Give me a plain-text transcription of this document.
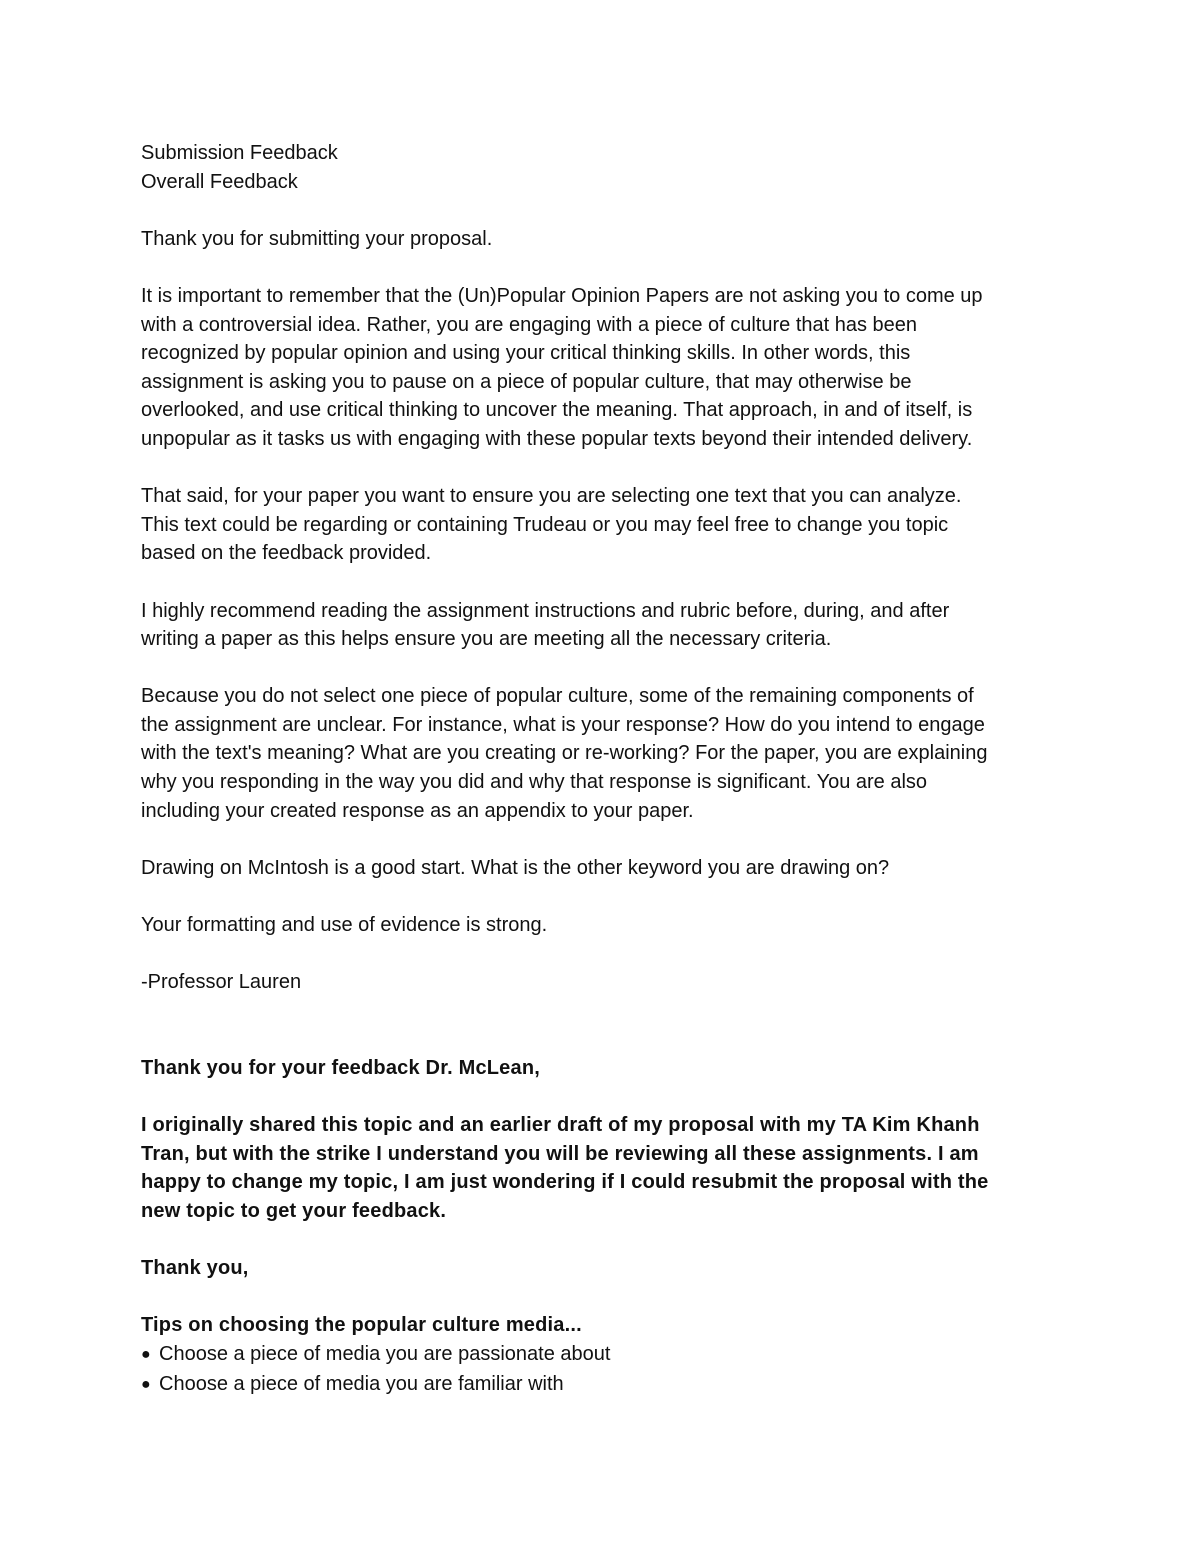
Submission Feedback
Overall Feedback
Thank you for submitting your proposal.
It is important to remember that the (Un)Popular Opinion Papers are not asking you to come up
with a controversial idea. Rather, you are engaging with a piece of culture that has been
recognized by popular opinion and using your critical thinking skills. In other words, this
assignment is asking you to pause on a piece of popular culture, that may otherwise be
overlooked, and use critical thinking to uncover the meaning. That approach, in and of itself, is
unpopular as it tasks us with engaging with these popular texts beyond their intended delivery.
That said, for your paper you want to ensure you are selecting one text that you can analyze.
This text could be regarding or containing Trudeau or you may feel free to change you topic
based on the feedback provided.
I highly recommend reading the assignment instructions and rubric before, during, and after
writing a paper as this helps ensure you are meeting all the necessary criteria.
Because you do not select one piece of popular culture, some of the remaining components of
the assignment are unclear. For instance, what is your response? How do you intend to engage
with the text's meaning? What are you creating or re-working? For the paper, you are explaining
why you responding in the way you did and why that response is significant. You are also
including your created response as an appendix to your paper.
Drawing on McIntosh is a good start. What is the other keyword you are drawing on?
Your formatting and use of evidence is strong.
-Professor Lauren
Thank you for your feedback Dr. McLean,
I originally shared this topic and an earlier draft of my proposal with my TA Kim Khanh
Tran, but with the strike I understand you will be reviewing all these assignments. I am
happy to change my topic, I am just wondering if I could resubmit the proposal with the
new topic to get your feedback.
Thank you,
Tips on choosing the popular culture media...
● Choose a piece of media you are passionate about
● Choose a piece of media you are familiar with
